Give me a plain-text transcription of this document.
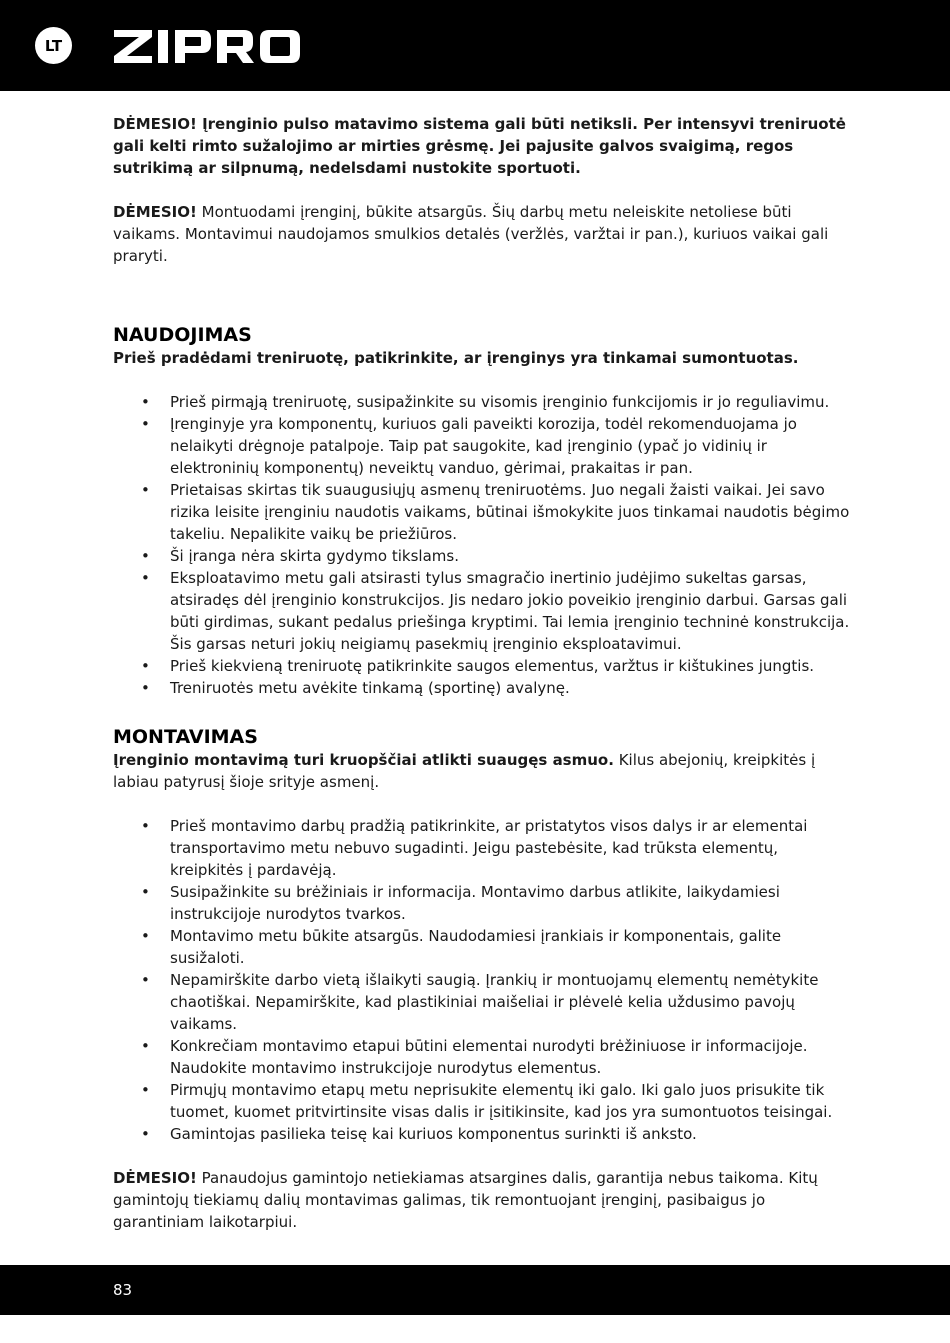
LT

DĖMESIO! Įrenginio pulso matavimo sistema gali būti netiksli. Per intensyvi treniruotė gali kelti rimto sužalojimo ar mirties grėsmę. Jei pajusite galvos svaigimą, regos sutrikimą ar silpnumą, nedelsdami nustokite sportuoti.

DĖMESIO! Montuodami įrenginį, būkite atsargūs. Šių darbų metu neleiskite netoliese būti vaikams. Montavimui naudojamos smulkios detalės (veržlės, varžtai ir pan.), kuriuos vaikai gali praryti.

NAUDOJIMAS

Prieš pradėdami treniruotę, patikrinkite, ar įrenginys yra tinkamai sumontuotas.

• Prieš pirmąją treniruotę, susipažinkite su visomis įrenginio funkcijomis ir jo reguliavimu.
• Įrenginyje yra komponentų, kuriuos gali paveikti korozija, todėl rekomenduojama jo nelaikyti drėgnoje patalpoje. Taip pat saugokite, kad įrenginio (ypač jo vidinių ir elektroninių komponentų) neveiktų vanduo, gėrimai, prakaitas ir pan.
• Prietaisas skirtas tik suaugusiųjų asmenų treniruotėms. Juo negali žaisti vaikai. Jei savo rizika leisite įrenginiu naudotis vaikams, būtinai išmokykite juos tinkamai naudotis bėgimo takeliu. Nepalikite vaikų be priežiūros.
• Ši įranga nėra skirta gydymo tikslams.
• Eksploatavimo metu gali atsirasti tylus smagračio inertinio judėjimo sukeltas garsas, atsiradęs dėl įrenginio konstrukcijos. Jis nedaro jokio poveikio įrenginio darbui. Garsas gali būti girdimas, sukant pedalus priešinga kryptimi. Tai lemia įrenginio techninė konstrukcija. Šis garsas neturi jokių neigiamų pasekmių įrenginio eksploatavimui.
• Prieš kiekvieną treniruotę patikrinkite saugos elementus, varžtus ir kištukines jungtis.
• Treniruotės metu avėkite tinkamą (sportinę) avalynę.
MONTAVIMAS

Įrenginio montavimą turi kruopščiai atlikti suaugęs asmuo. Kilus abejonių, kreipkitės į labiau patyrusį šioje srityje asmenį.

• Prieš montavimo darbų pradžią patikrinkite, ar pristatytos visos dalys ir ar elementai transportavimo metu nebuvo sugadinti. Jeigu pastebėsite, kad trūksta elementų, kreipkitės į pardavėją.
• Susipažinkite su brėžiniais ir informacija. Montavimo darbus atlikite, laikydamiesi instrukcijoje nurodytos tvarkos.
• Montavimo metu būkite atsargūs. Naudodamiesi įrankiais ir komponentais, galite susižaloti.
• Nepamirškite darbo vietą išlaikyti saugią. Įrankių ir montuojamų elementų nemėtykite chaotiškai. Nepamirškite, kad plastikiniai maišeliai ir plėvelė kelia uždusimo pavojų vaikams.
• Konkrečiam montavimo etapui būtini elementai nurodyti brėžiniuose ir informacijoje. Naudokite montavimo instrukcijoje nurodytus elementus.
• Pirmųjų montavimo etapų metu neprisukite elementų iki galo. Iki galo juos prisukite tik tuomet, kuomet pritvirtinsite visas dalis ir įsitikinsite, kad jos yra sumontuotos teisingai.
• Gamintojas pasilieka teisę kai kuriuos komponentus surinkti iš anksto.

DĖMESIO! Panaudojus gamintojo netiekiamas atsargines dalis, garantija nebus taikoma. Kitų gamintojų tiekiamų dalių montavimas galimas, tik remontuojant įrenginį, pasibaigus jo garantiniam laikotarpiui.

83
